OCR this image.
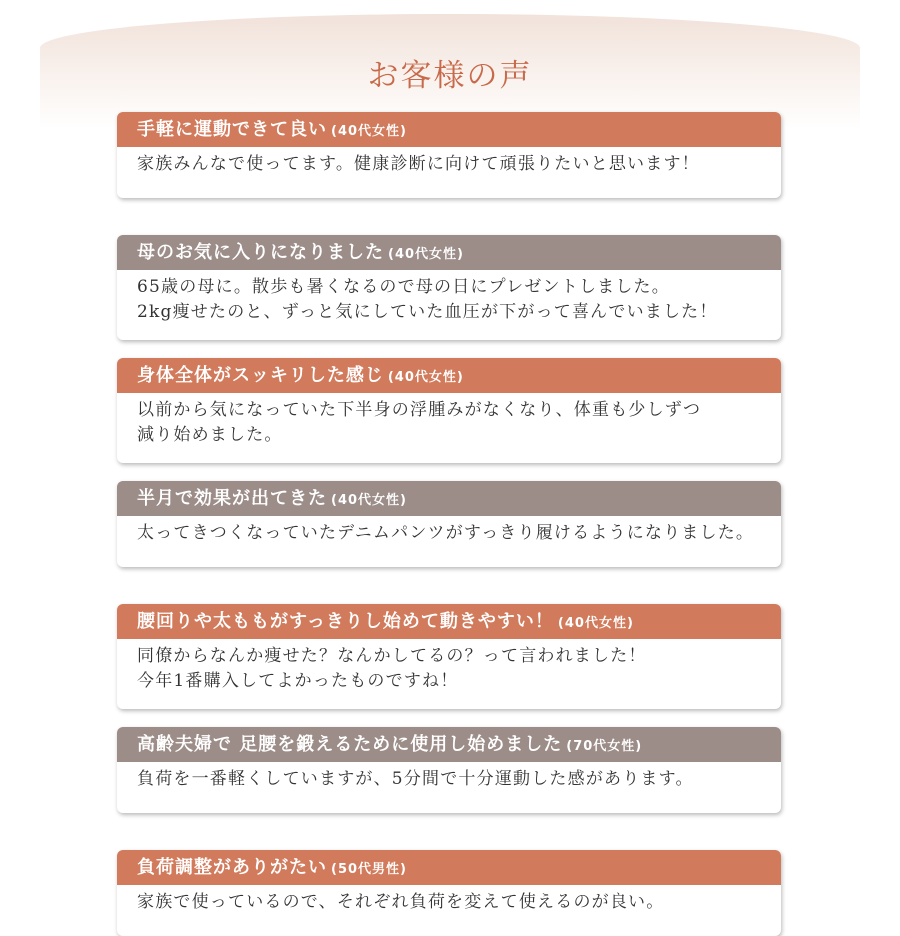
お客様の声
手軽に運動できて良い (40代女性)
家族みんなで使ってます。健康診断に向けて頑張りたいと思います！
母のお気に入りになりました (40代女性)
65歳の母に。散歩も暑くなるので母の日にプレゼントしました。
2kg痩せたのと、ずっと気にしていた血圧が下がって喜んでいました！
身体全体がスッキリした感じ (40代女性)
以前から気になっていた下半身の浮腫みがなくなり、体重も少しずつ
減り始めました。
半月で効果が出てきた (40代女性)
太ってきつくなっていたデニムパンツがすっきり履けるようになりました。
腰回りや太ももがすっきりし始めて動きやすい！ (40代女性)
同僚からなんか痩せた？なんかしてるの？って言われました！
今年1番購入してよかったものですね！
高齢夫婦で 足腰を鍛えるために使用し始めました (70代女性)
負荷を一番軽くしていますが、5分間で十分運動した感があります。
負荷調整がありがたい (50代男性)
家族で使っているので、それぞれ負荷を変えて使えるのが良い。
